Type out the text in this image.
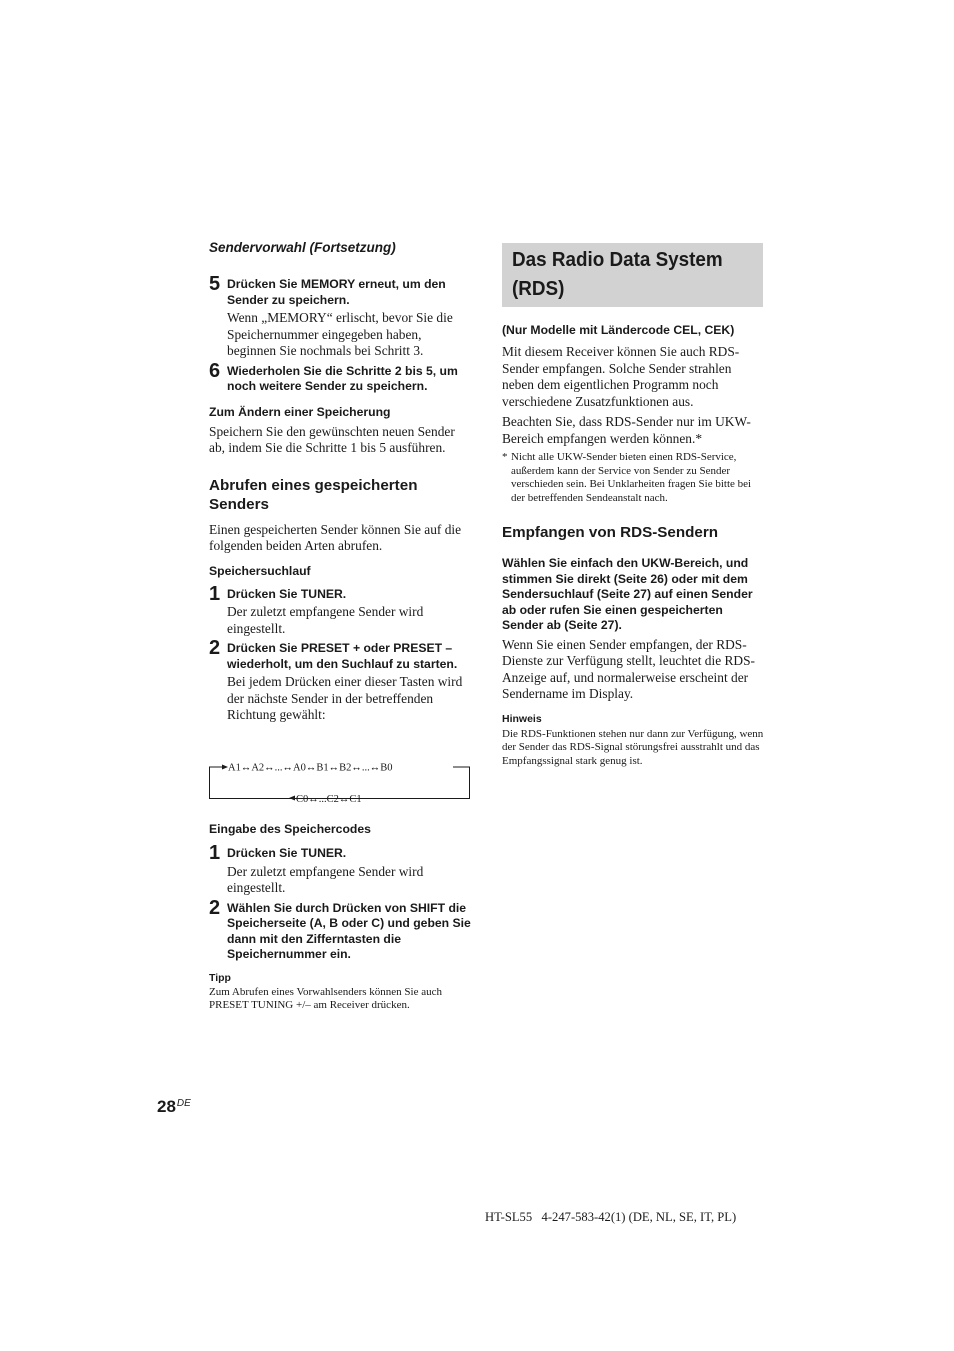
Sendervorwahl (Fortsetzung)

5 Drücken Sie MEMORY erneut, um den Sender zu speichern.

Wenn „MEMORY“ erlischt, bevor Sie die Speichernummer eingegeben haben, beginnen Sie nochmals bei Schritt 3.

6 Wiederholen Sie die Schritte 2 bis 5, um noch weitere Sender zu speichern.

Zum Ändern einer Speicherung

Speichern Sie den gewünschten neuen Sender ab, indem Sie die Schritte 1 bis 5 ausführen.

Abrufen eines gespeicherten Senders

Einen gespeicherten Sender können Sie auf die folgenden beiden Arten abrufen.

Speichersuchlauf

1 Drücken Sie TUNER.

Der zuletzt empfangene Sender wird eingestellt.

2 Drücken Sie PRESET + oder PRESET – wiederholt, um den Suchlauf zu starten.

Bei jedem Drücken einer dieser Tasten wird der nächste Sender in der betreffenden Richtung gewählt:

A1↔A2↔...↔A0↔B1↔B2↔...↔B0
C0↔...C2↔C1

Eingabe des Speichercodes

1 Drücken Sie TUNER.

Der zuletzt empfangene Sender wird eingestellt.

2 Wählen Sie durch Drücken von SHIFT die Speicherseite (A, B oder C) und geben Sie dann mit den Zifferntasten die Speichernummer ein.

Tipp

Zum Abrufen eines Vorwahlsenders können Sie auch PRESET TUNING +/– am Receiver drücken.

Das Radio Data System
(RDS)

(Nur Modelle mit Ländercode CEL, CEK)

Mit diesem Receiver können Sie auch RDS-Sender empfangen. Solche Sender strahlen neben dem eigentlichen Programm noch verschiedene Zusatzfunktionen aus.

Beachten Sie, dass RDS-Sender nur im UKW-Bereich empfangen werden können.*

* Nicht alle UKW-Sender bieten einen RDS-Service, außerdem kann der Service von Sender zu Sender verschieden sein. Bei Unklarheiten fragen Sie bitte bei der betreffenden Sendeanstalt nach.

Empfangen von RDS-Sendern

Wählen Sie einfach den UKW-Bereich, und stimmen Sie direkt (Seite 26) oder mit dem Sendersuchlauf (Seite 27) auf einen Sender ab oder rufen Sie einen gespeicherten Sender ab (Seite 27).

Wenn Sie einen Sender empfangen, der RDS-Dienste zur Verfügung stellt, leuchtet die RDS-Anzeige auf, und normalerweise erscheint der Sendername im Display.

Hinweis

Die RDS-Funktionen stehen nur dann zur Verfügung, wenn der Sender das RDS-Signal störungsfrei ausstrahlt und das Empfangssignal stark genug ist.

28DE
HT-SL55   4-247-583-42(1) (DE, NL, SE, IT, PL)
